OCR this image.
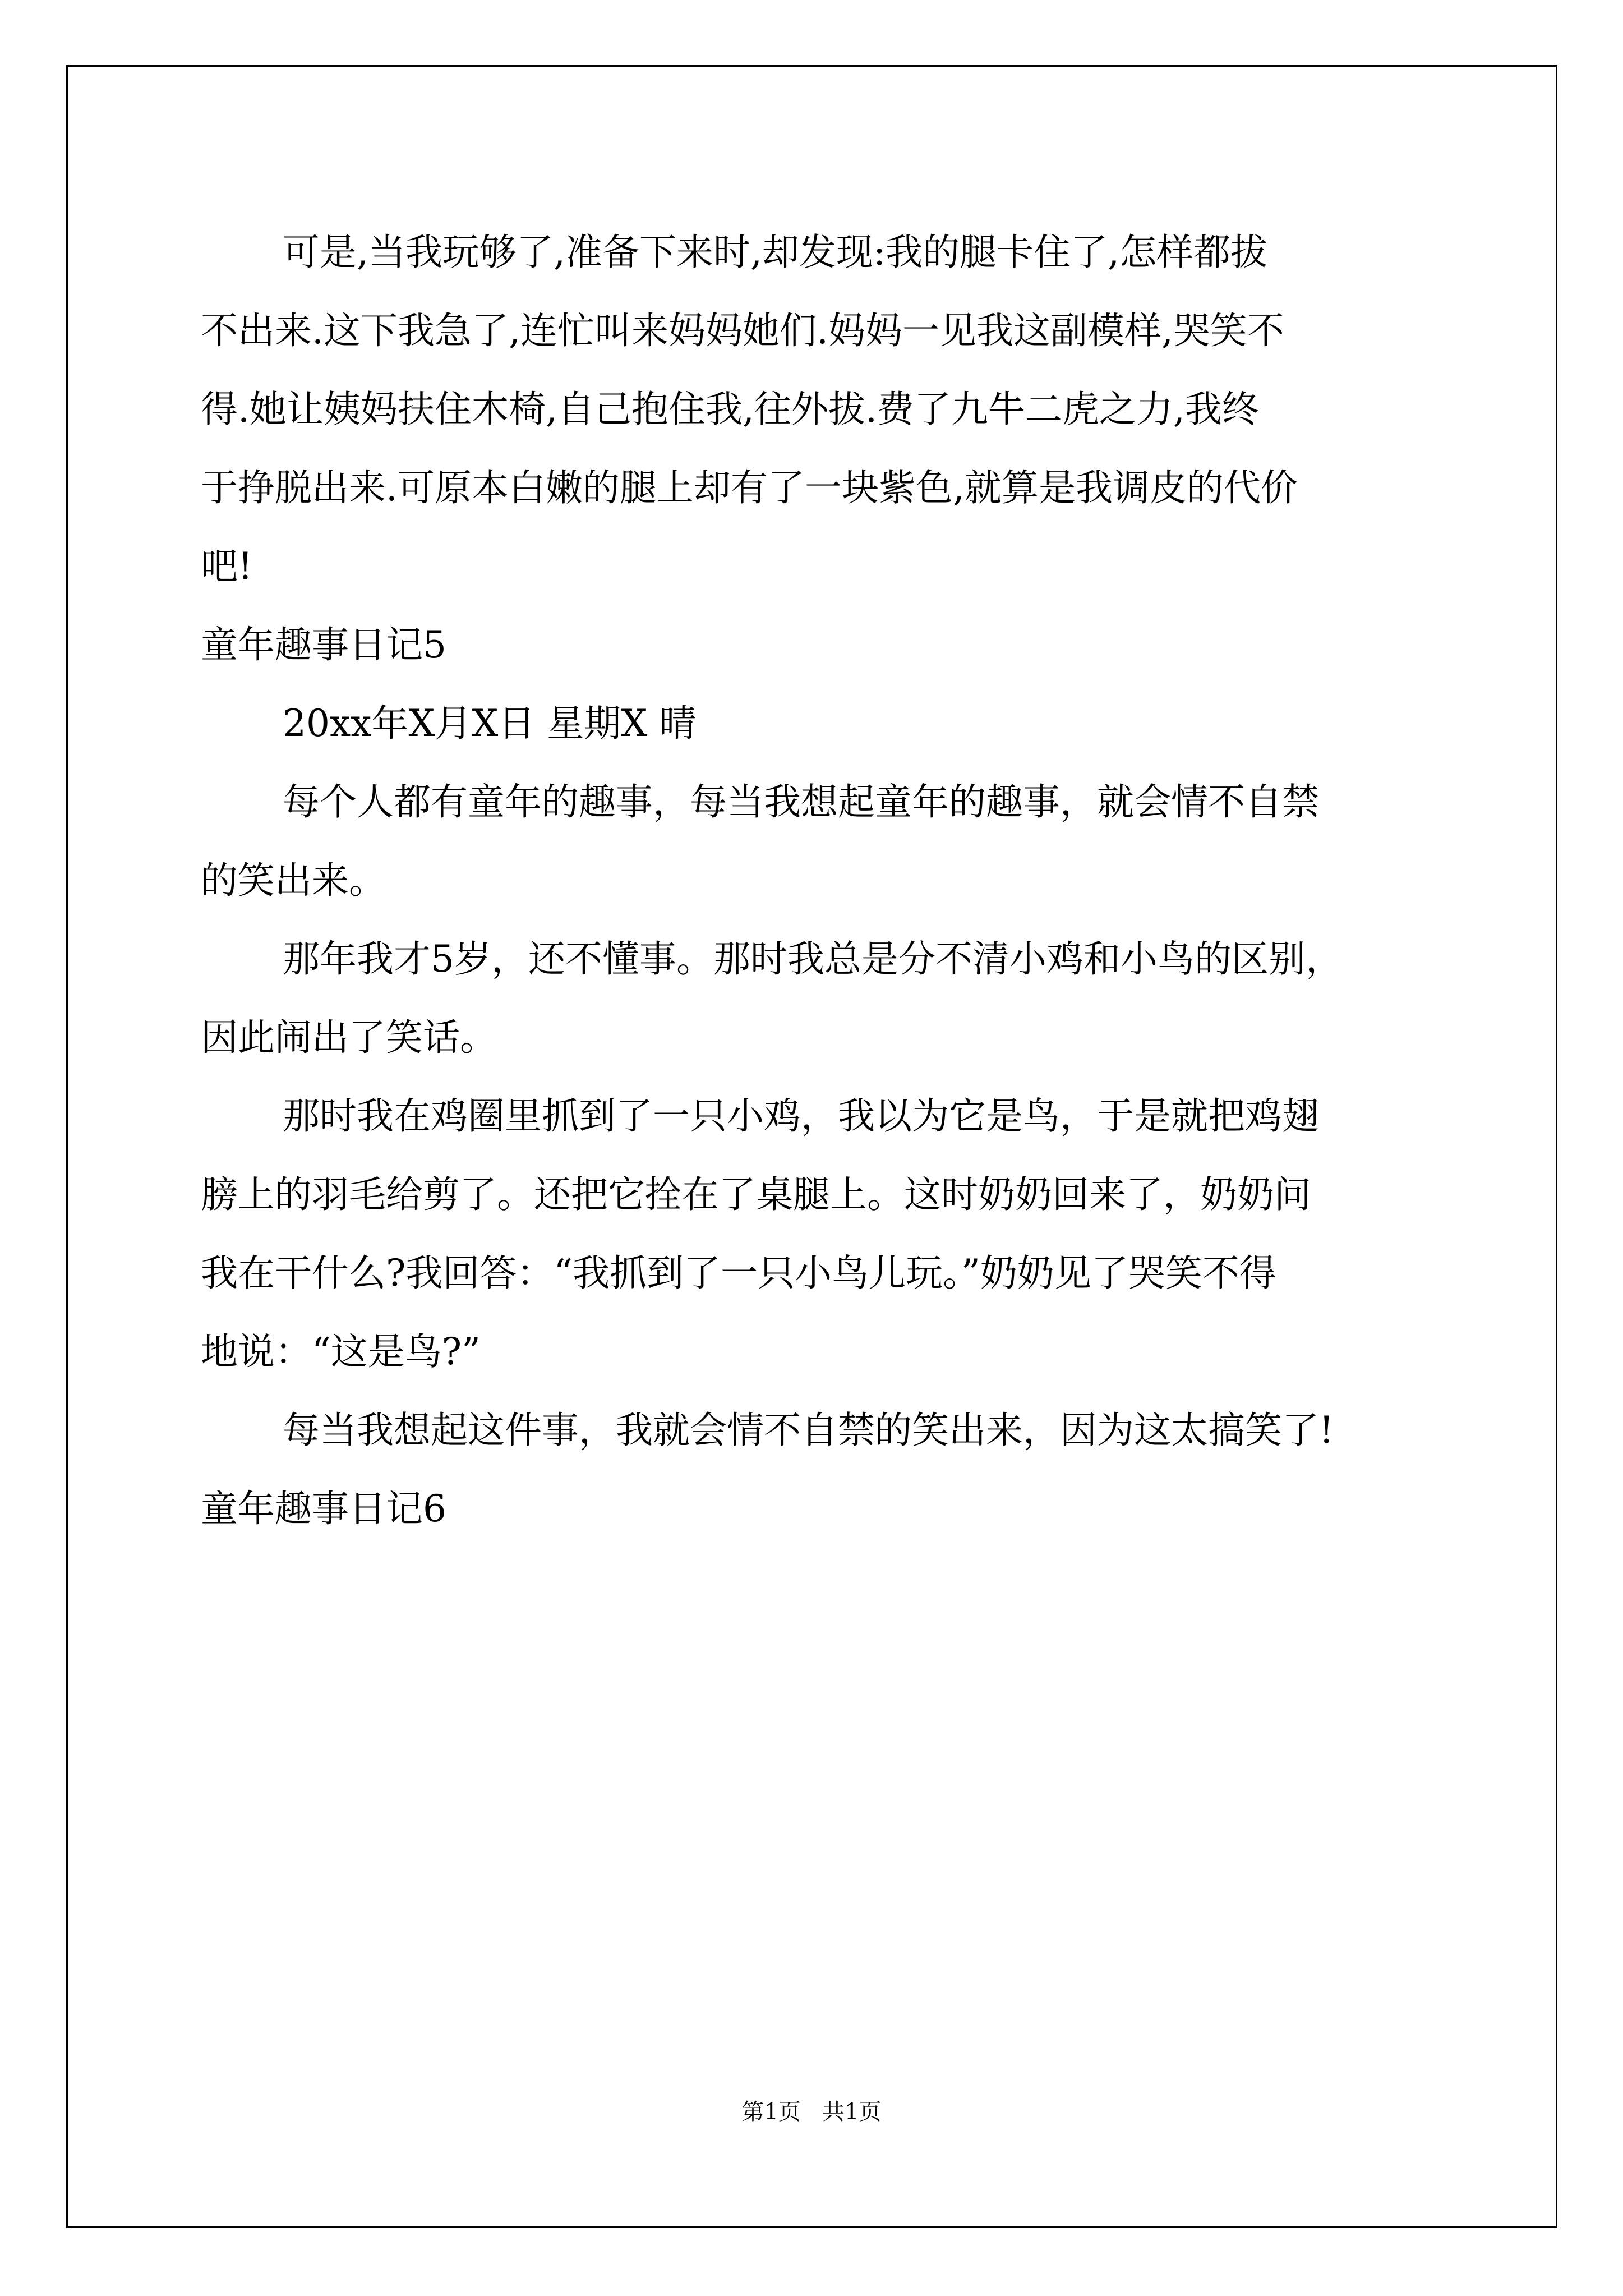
可是,当我玩够了,准备下来时,却发现:我的腿卡住了,怎样都拔
不出来.这下我急了,连忙叫来妈妈她们.妈妈一见我这副模样,哭笑不
得.她让姨妈扶住木椅,自己抱住我,往外拔.费了九牛二虎之力,我终
于挣脱出来.可原本白嫩的腿上却有了一块紫色,就算是我调皮的代价
吧!
童年趣事日记5
20xx年X月X日 星期X 晴
每个人都有童年的趣事，每当我想起童年的趣事，就会情不自禁
的笑出来。
那年我才5岁，还不懂事。那时我总是分不清小鸡和小鸟的区别，
因此闹出了笑话。
那时我在鸡圈里抓到了一只小鸡，我以为它是鸟，于是就把鸡翅
膀上的羽毛给剪了。还把它拴在了桌腿上。这时奶奶回来了，奶奶问
我在干什么?我回答：“我抓到了一只小鸟儿玩。”奶奶见了哭笑不得
地说：“这是鸟?”
每当我想起这件事，我就会情不自禁的笑出来，因为这太搞笑了!
童年趣事日记6
第1页   共1页
